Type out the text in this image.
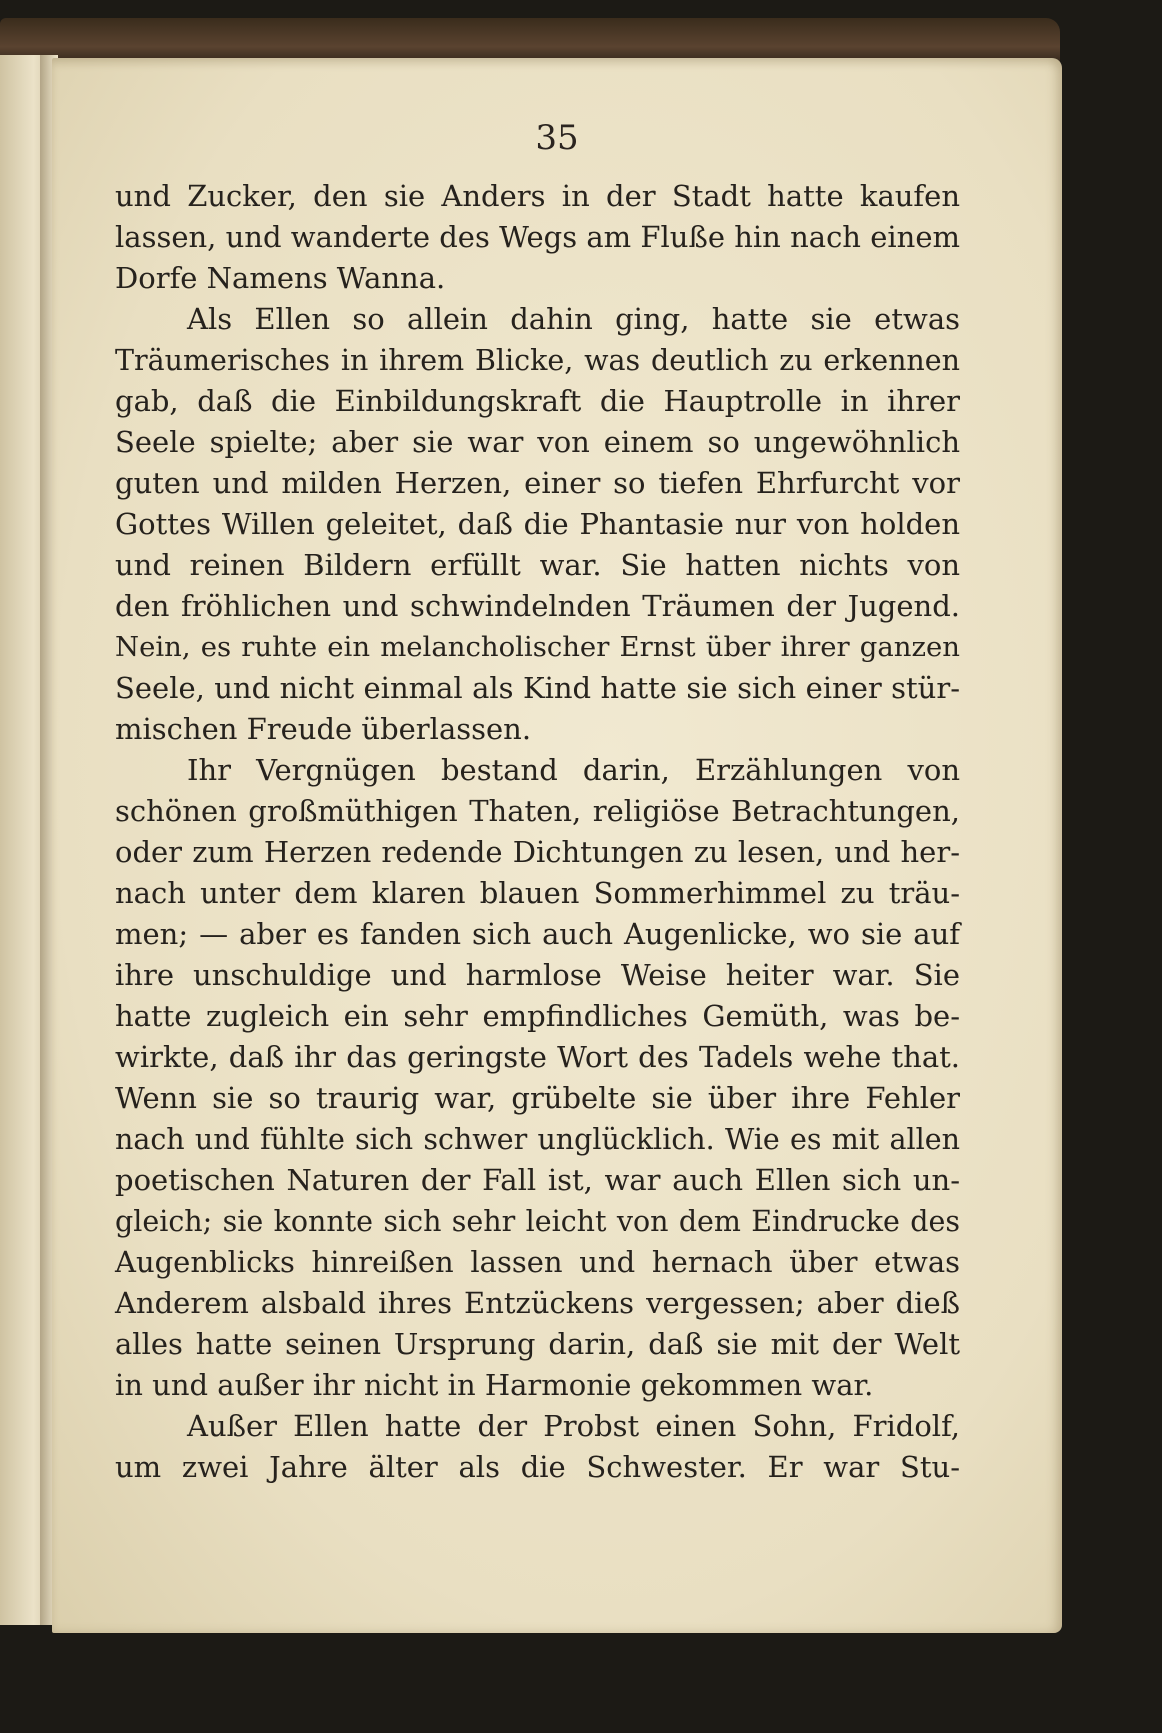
35
und Zucker, den sie Anders in der Stadt hatte kaufen
lassen, und wanderte des Wegs am Fluße hin nach einem
Dorfe Namens Wanna.
Als Ellen so allein dahin ging, hatte sie etwas
Träumerisches in ihrem Blicke, was deutlich zu erkennen
gab, daß die Einbildungskraft die Hauptrolle in ihrer
Seele spielte; aber sie war von einem so ungewöhnlich
guten und milden Herzen, einer so tiefen Ehrfurcht vor
Gottes Willen geleitet, daß die Phantasie nur von holden
und reinen Bildern erfüllt war. Sie hatten nichts von
den fröhlichen und schwindelnden Träumen der Jugend.
Nein, es ruhte ein melancholischer Ernst über ihrer ganzen
Seele, und nicht einmal als Kind hatte sie sich einer stür-
mischen Freude überlassen.
Ihr Vergnügen bestand darin, Erzählungen von
schönen großmüthigen Thaten, religiöse Betrachtungen,
oder zum Herzen redende Dichtungen zu lesen, und her-
nach unter dem klaren blauen Sommerhimmel zu träu-
men; — aber es fanden sich auch Augenlicke, wo sie auf
ihre unschuldige und harmlose Weise heiter war. Sie
hatte zugleich ein sehr empfindliches Gemüth, was be-
wirkte, daß ihr das geringste Wort des Tadels wehe that.
Wenn sie so traurig war, grübelte sie über ihre Fehler
nach und fühlte sich schwer unglücklich. Wie es mit allen
poetischen Naturen der Fall ist, war auch Ellen sich un-
gleich; sie konnte sich sehr leicht von dem Eindrucke des
Augenblicks hinreißen lassen und hernach über etwas
Anderem alsbald ihres Entzückens vergessen; aber dieß
alles hatte seinen Ursprung darin, daß sie mit der Welt
in und außer ihr nicht in Harmonie gekommen war.
Außer Ellen hatte der Probst einen Sohn, Fridolf,
um zwei Jahre älter als die Schwester. Er war Stu-
